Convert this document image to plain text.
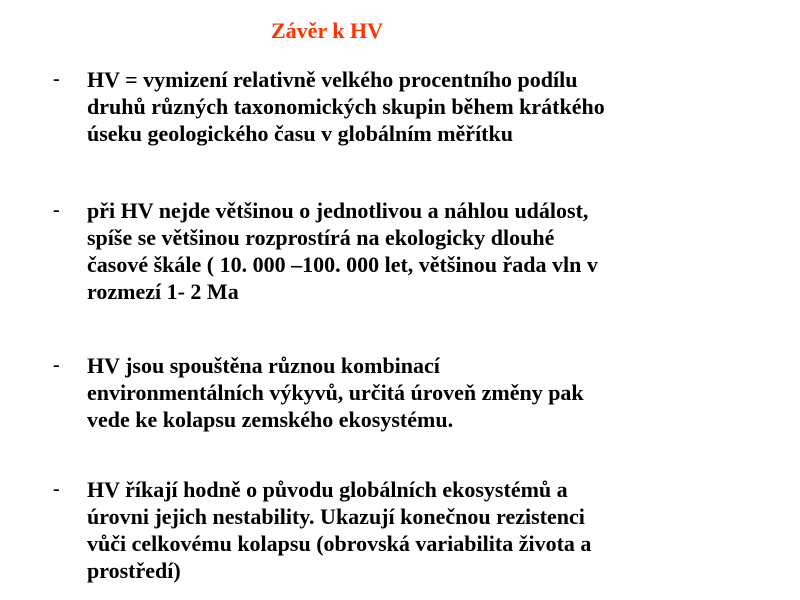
Závěr k HV
- HV = vymizení relativně velkého procentního podílu
druhů různých taxonomických skupin během krátkého
úseku geologického času v globálním měřítku
- při HV nejde většinou o jednotlivou a náhlou událost,
spíše se většinou rozprostírá na ekologicky dlouhé
časové škále ( 10. 000 –100. 000 let, většinou řada vln v
rozmezí 1- 2 Ma
- HV jsou spouštěna různou kombinací
environmentálních výkyvů, určitá úroveň změny pak
vede ke kolapsu zemského ekosystému.
- HV říkají hodně o původu globálních ekosystémů a
úrovni jejich nestability. Ukazují konečnou rezistenci
vůči celkovému kolapsu (obrovská variabilita života a
prostředí)
